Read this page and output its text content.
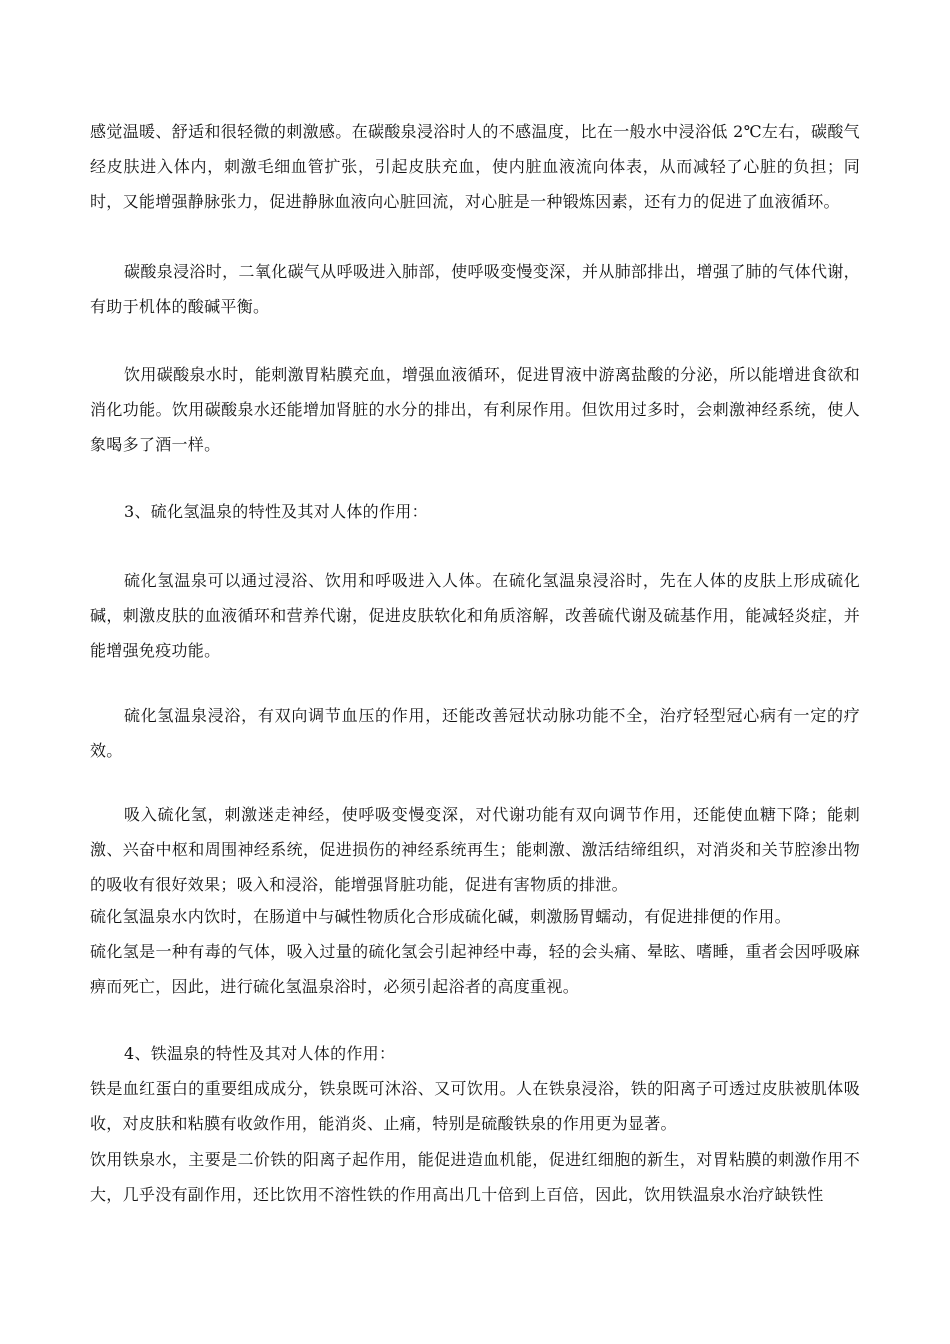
感觉温暖、舒适和很轻微的刺激感。在碳酸泉浸浴时人的不感温度，比在一般水中浸浴低 2℃左右，碳酸气经皮肤进入体内，刺激毛细血管扩张，引起皮肤充血，使内脏血液流向体表，从而减轻了心脏的负担；同时，又能增强静脉张力，促进静脉血液向心脏回流，对心脏是一种锻炼因素，还有力的促进了血液循环。

碳酸泉浸浴时，二氧化碳气从呼吸进入肺部，使呼吸变慢变深，并从肺部排出，增强了肺的气体代谢，有助于机体的酸碱平衡。

饮用碳酸泉水时，能刺激胃粘膜充血，增强血液循环，促进胃液中游离盐酸的分泌，所以能增进食欲和消化功能。饮用碳酸泉水还能增加肾脏的水分的排出，有利尿作用。但饮用过多时，会刺激神经系统，使人象喝多了酒一样。

3、硫化氢温泉的特性及其对人体的作用：

硫化氢温泉可以通过浸浴、饮用和呼吸进入人体。在硫化氢温泉浸浴时，先在人体的皮肤上形成硫化碱，刺激皮肤的血液循环和营养代谢，促进皮肤软化和角质溶解，改善硫代谢及硫基作用，能减轻炎症，并能增强免疫功能。

硫化氢温泉浸浴，有双向调节血压的作用，还能改善冠状动脉功能不全，治疗轻型冠心病有一定的疗效。

吸入硫化氢，刺激迷走神经，使呼吸变慢变深，对代谢功能有双向调节作用，还能使血糖下降；能刺激、兴奋中枢和周围神经系统，促进损伤的神经系统再生；能刺激、激活结缔组织，对消炎和关节腔渗出物的吸收有很好效果；吸入和浸浴，能增强肾脏功能，促进有害物质的排泄。

硫化氢温泉水内饮时，在肠道中与碱性物质化合形成硫化碱，刺激肠胃蠕动，有促进排便的作用。

硫化氢是一种有毒的气体，吸入过量的硫化氢会引起神经中毒，轻的会头痛、晕眩、嗜睡，重者会因呼吸麻痹而死亡，因此，进行硫化氢温泉浴时，必须引起浴者的高度重视。

4、铁温泉的特性及其对人体的作用：

铁是血红蛋白的重要组成成分，铁泉既可沐浴、又可饮用。人在铁泉浸浴，铁的阳离子可透过皮肤被肌体吸收，对皮肤和粘膜有收敛作用，能消炎、止痛，特别是硫酸铁泉的作用更为显著。

饮用铁泉水，主要是二价铁的阳离子起作用，能促进造血机能，促进红细胞的新生，对胃粘膜的刺激作用不大，几乎没有副作用，还比饮用不溶性铁的作用高出几十倍到上百倍，因此，饮用铁温泉水治疗缺铁性
